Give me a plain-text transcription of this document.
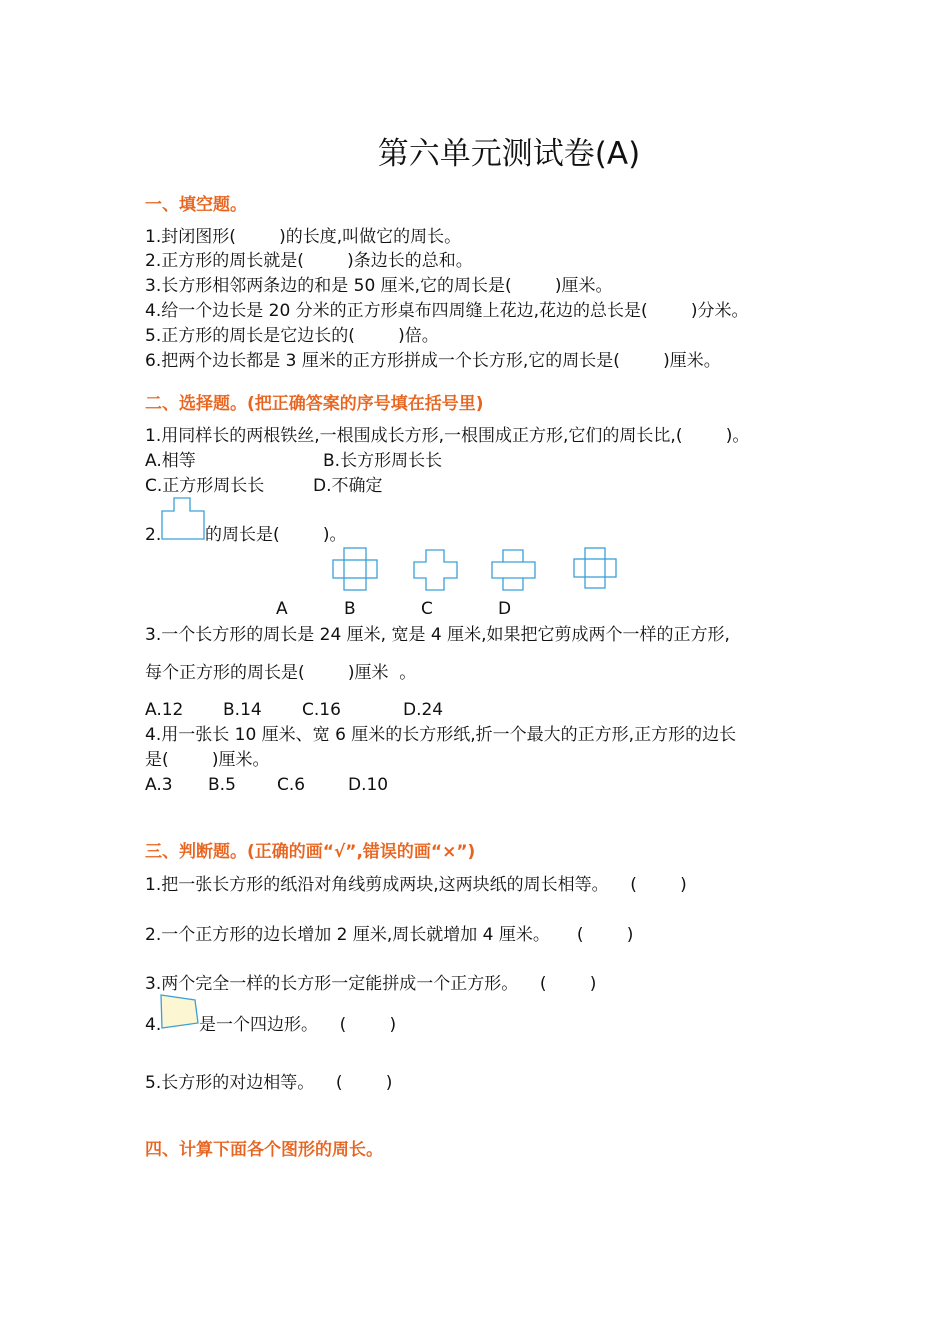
第六单元测试卷(A)
一、填空题。
1.封闭图形(        )的长度,叫做它的周长。
2.正方形的周长就是(        )条边长的总和。
3.长方形相邻两条边的和是 50 厘米,它的周长是(        )厘米。
4.给一个边长是 20 分米的正方形桌布四周缝上花边,花边的总长是(        )分米。
5.正方形的周长是它边长的(        )倍。
6.把两个边长都是 3 厘米的正方形拼成一个长方形,它的周长是(        )厘米。
二、选择题。(把正确答案的序号填在括号里)
1.用同样长的两根铁丝,一根围成长方形,一根围成正方形,它们的周长比,(        )。
A.相等	B.长方形周长长
C.正方形周长长	D.不确定
2.	的周长是(        )。
A	B	C	D
3.一个长方形的周长是 24 厘米, 宽是 4 厘米,如果把它剪成两个一样的正方形,
每个正方形的周长是(        )厘米  。
A.12 B.14 C.16	D.24
4.用一张长 10 厘米、宽 6 厘米的长方形纸,折一个最大的正方形,正方形的边长
是(        )厘米。
A.3 B.5 C.6	D.10
三、判断题。(正确的画“√”,错误的画“×”)
1.把一张长方形的纸沿对角线剪成两块,这两块纸的周长相等。    (        )
2.一个正方形的边长增加 2 厘米,周长就增加 4 厘米。     (        )
3.两个完全一样的长方形一定能拼成一个正方形。    (        )
4. 是一个四边形。    (        )
5.长方形的对边相等。    (        )
四、计算下面各个图形的周长。
